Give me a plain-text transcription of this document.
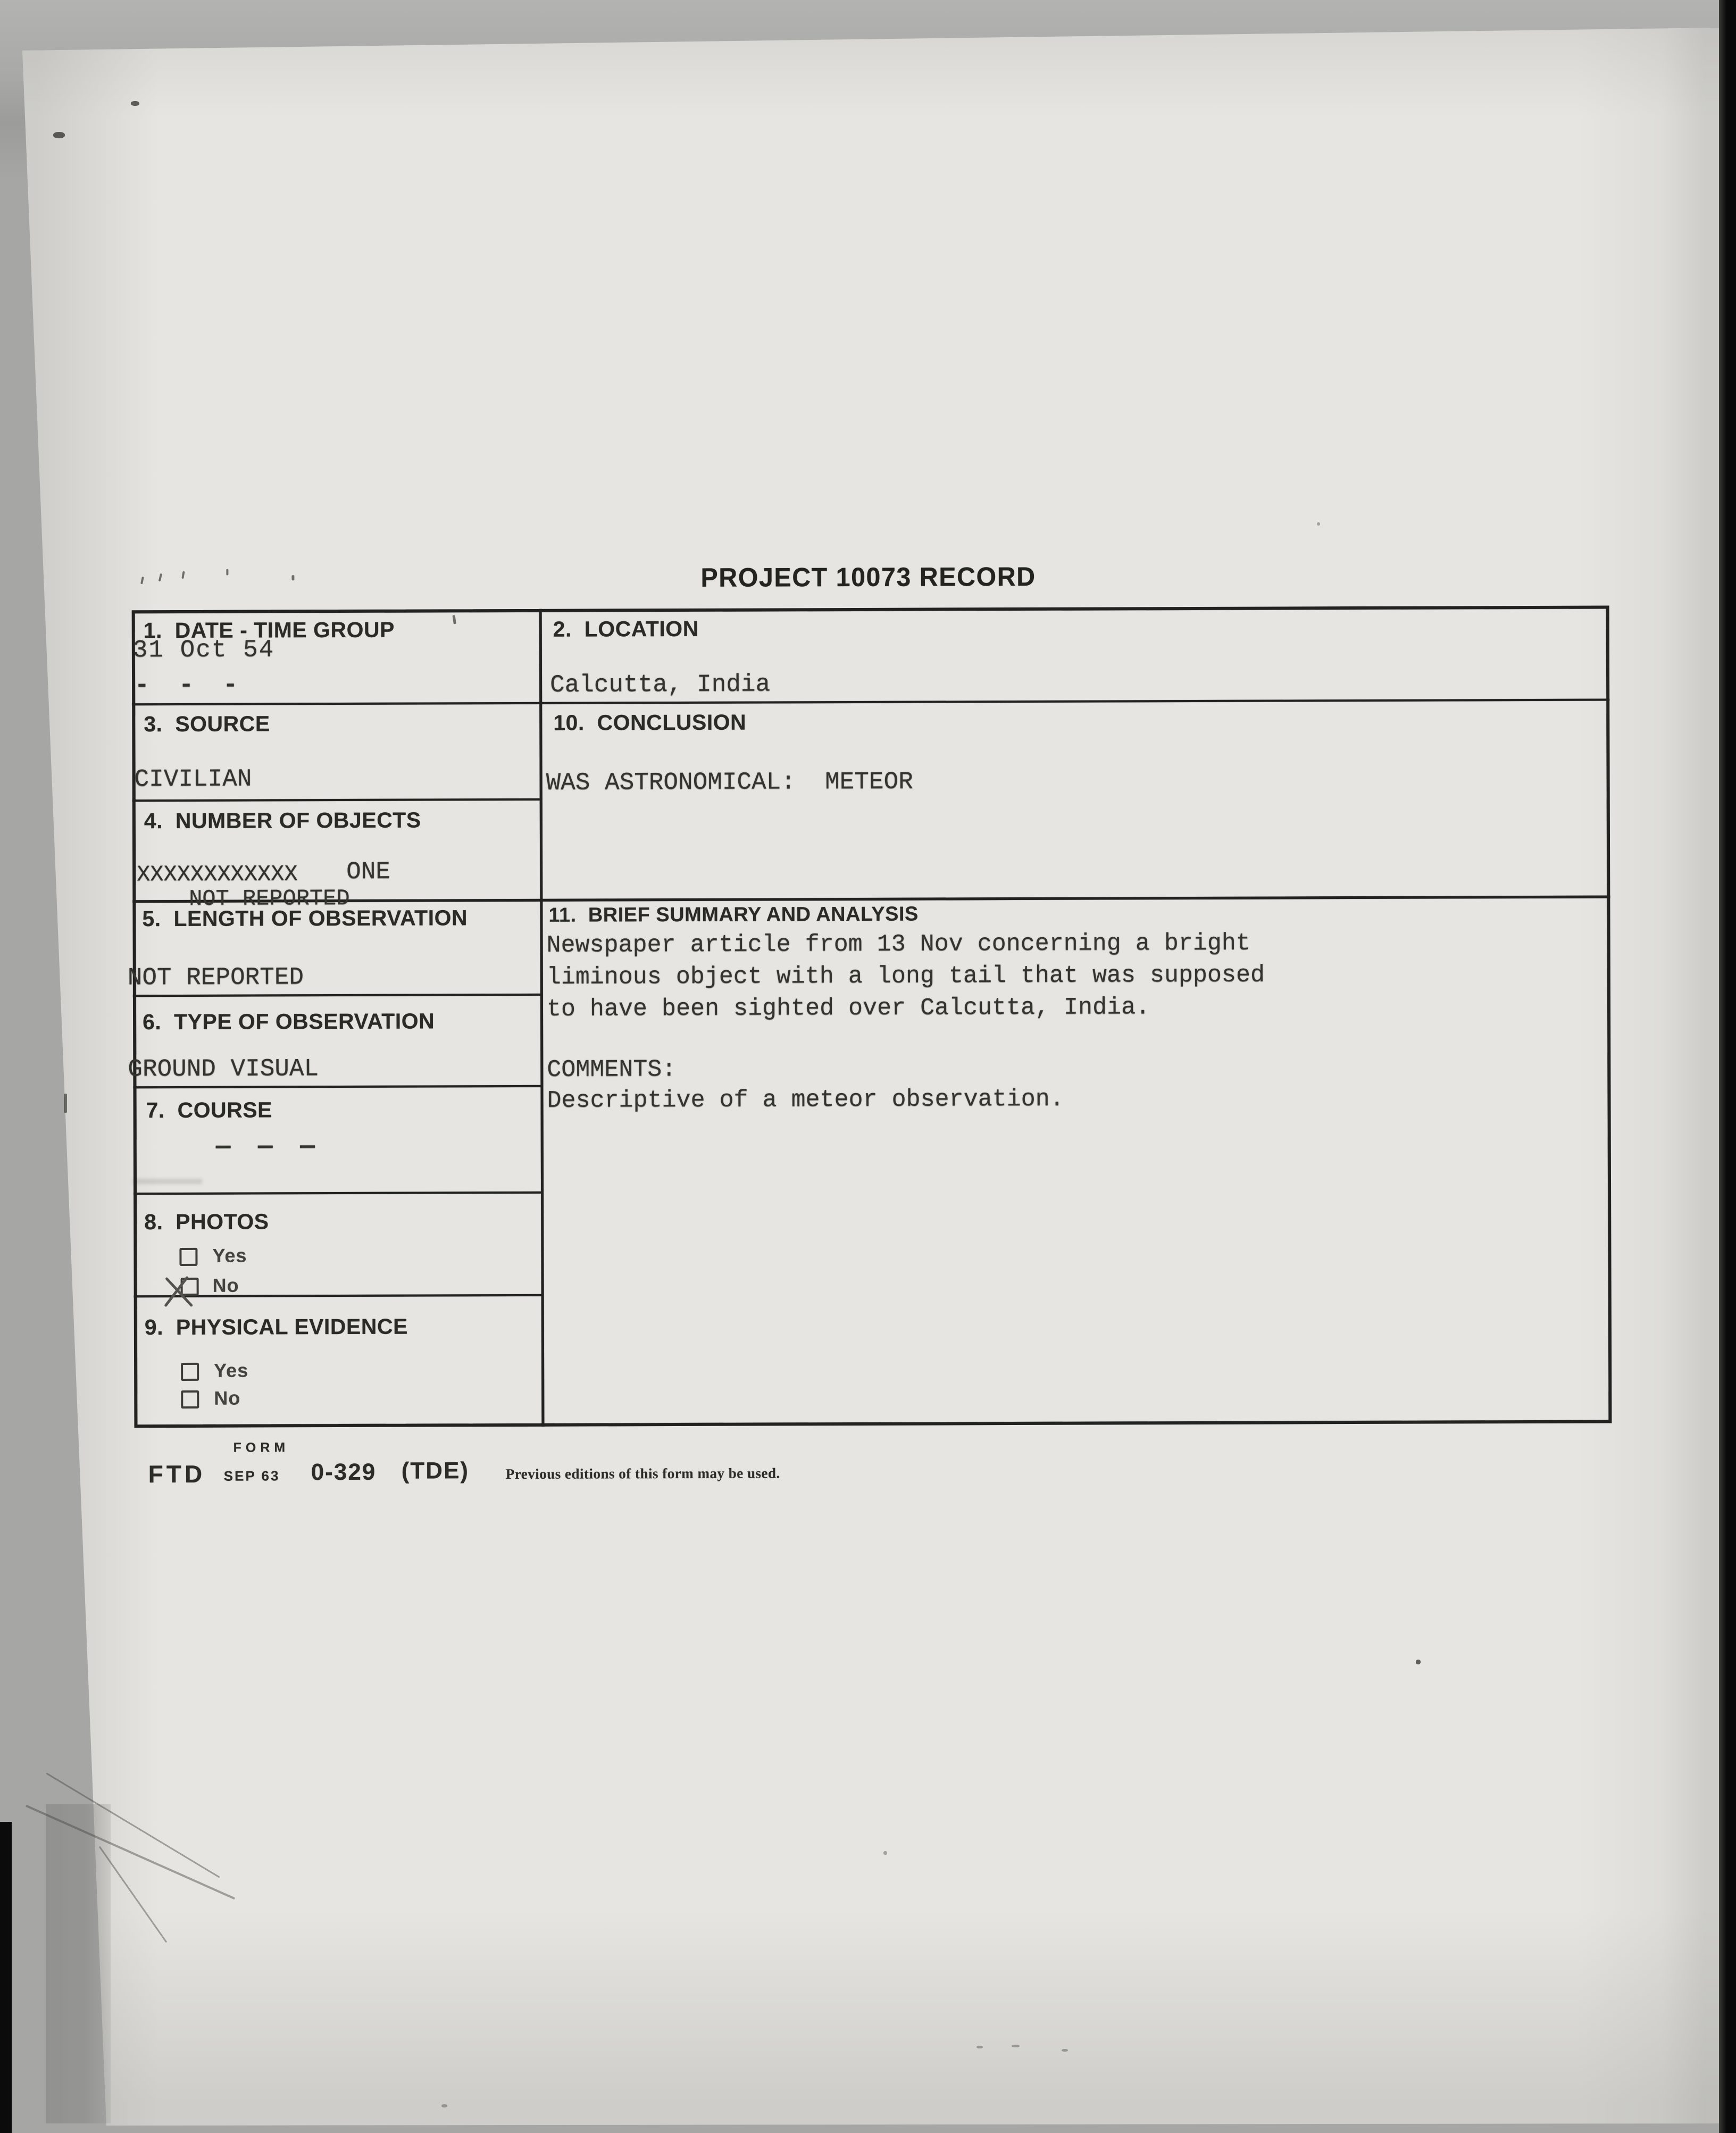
PROJECT 10073 RECORD
1.  DATE - TIME GROUP
31 Oct 54
- - -
2.  LOCATION
Calcutta, India
3.  SOURCE
CIVILIAN
10.  CONCLUSION
WAS ASTRONOMICAL:  METEOR
4.  NUMBER OF OBJECTS

NOT REPORTED

XXXXXXXXXXXX

ONE
5.  LENGTH OF OBSERVATION
NOT REPORTED
6.  TYPE OF OBSERVATION
GROUND VISUAL
7.  COURSE
— — —
8.  PHOTOS
Yes
No
9.  PHYSICAL EVIDENCE
Yes
No
11.  BRIEF SUMMARY AND ANALYSIS
Newspaper article from 13 Nov concerning a bright
liminous object with a long tail that was supposed
to have been sighted over Calcutta, India.
COMMENTS:
Descriptive of a meteor observation.
FORM
FTD SEP 63 0-329 (TDE)	Previous editions of this form may be used.
